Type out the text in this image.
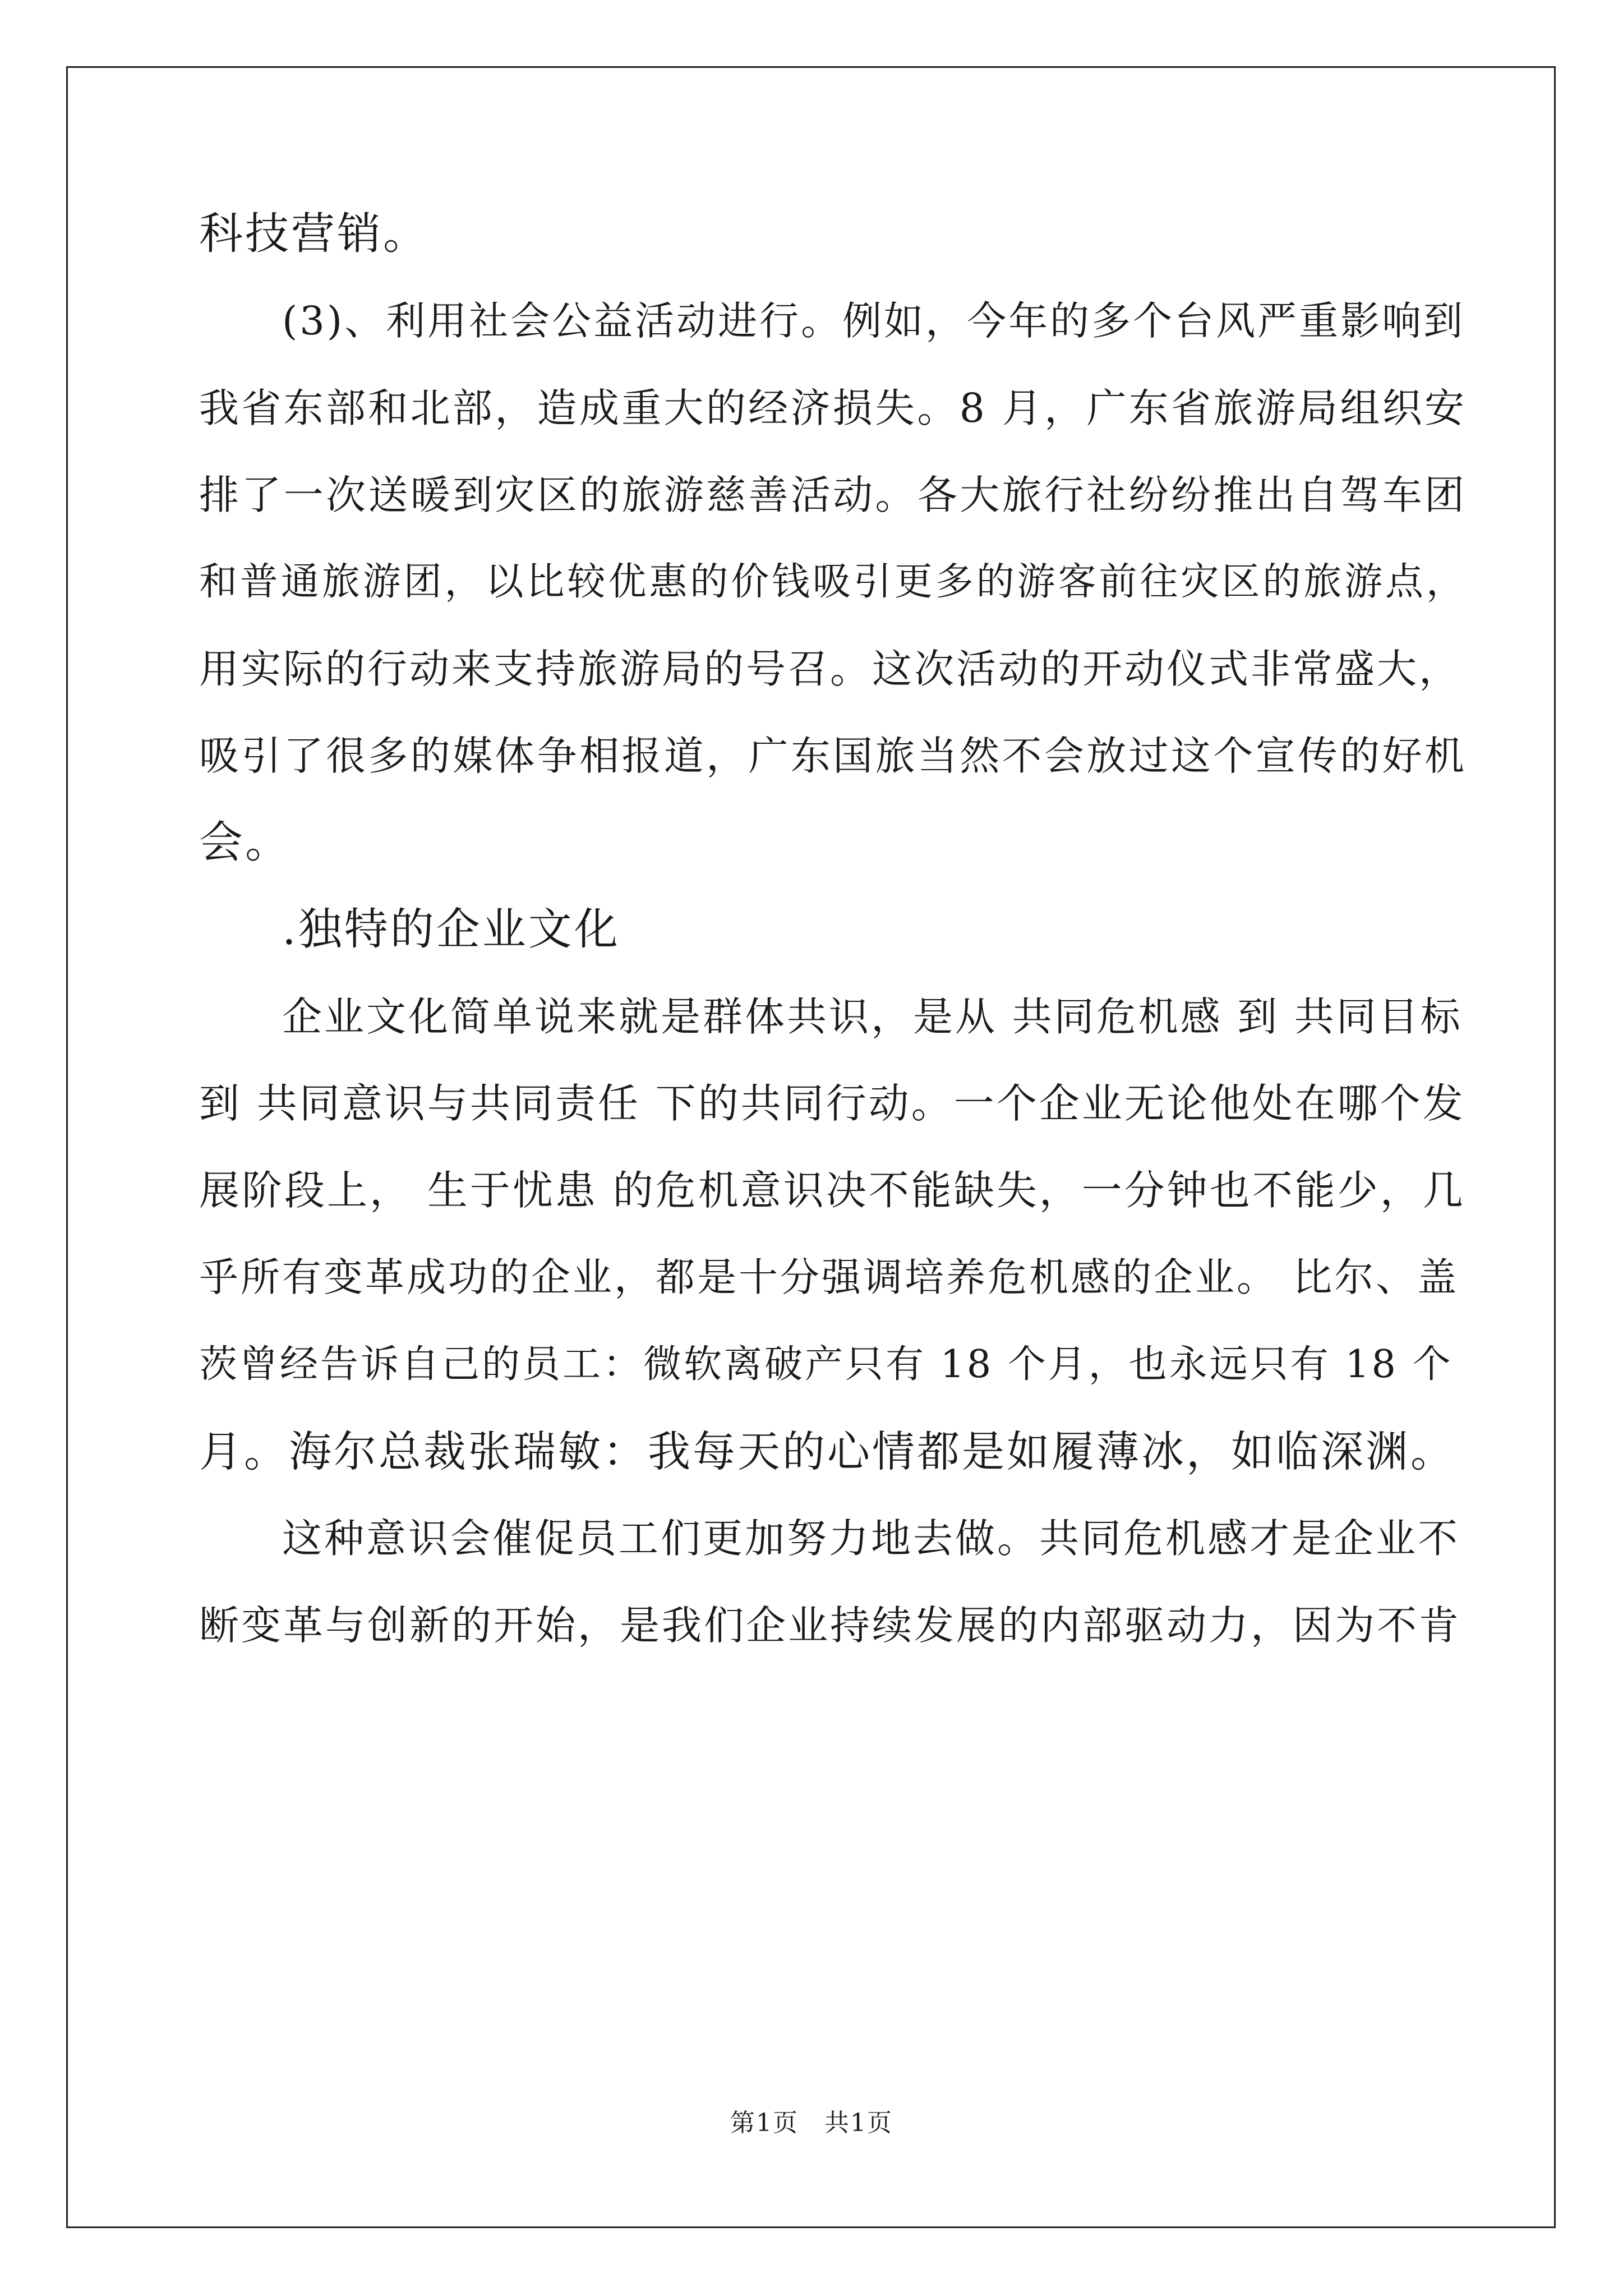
科技营销。
(3)、利用社会公益活动进行。例如，今年的多个台风严重影响到
我省东部和北部，造成重大的经济损失。8 月，广东省旅游局组织安
排了一次送暖到灾区的旅游慈善活动。各大旅行社纷纷推出自驾车团
和普通旅游团，以比较优惠的价钱吸引更多的游客前往灾区的旅游点，
用实际的行动来支持旅游局的号召。这次活动的开动仪式非常盛大，
吸引了很多的媒体争相报道，广东国旅当然不会放过这个宣传的好机
会。
.独特的企业文化
企业文化简单说来就是群体共识，是从 共同危机感 到 共同目标
到 共同意识与共同责任 下的共同行动。一个企业无论他处在哪个发
展阶段上， 生于忧患 的危机意识决不能缺失，一分钟也不能少，几
乎所有变革成功的企业，都是十分强调培养危机感的企业。 比尔、盖
茨曾经告诉自己的员工：微软离破产只有 18 个月，也永远只有 18 个
月。海尔总裁张瑞敏：我每天的心情都是如履薄冰，如临深渊。
这种意识会催促员工们更加努力地去做。共同危机感才是企业不
断变革与创新的开始，是我们企业持续发展的内部驱动力，因为不肯
第1页　共1页
